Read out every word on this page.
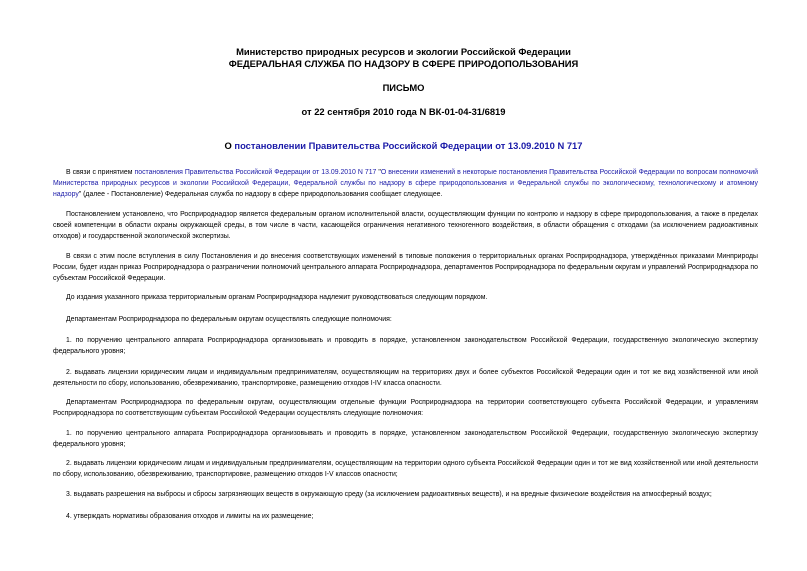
Министерство природных ресурсов и экологии Российской Федерации
ФЕДЕРАЛЬНАЯ СЛУЖБА ПО НАДЗОРУ В СФЕРЕ ПРИРОДОПОЛЬЗОВАНИЯ
ПИСЬМО
от 22 сентября 2010 года N ВК-01-04-31/6819
О постановлении Правительства Российской Федерации от 13.09.2010 N 717

В связи с принятием постановления Правительства Российской Федерации от 13.09.2010 N 717 "О внесении изменений в некоторые постановления Правительства Российской Федерации по вопросам полномочий Министерства природных ресурсов и экологии Российской Федерации, Федеральной службы по надзору в сфере природопользования и Федеральной службы по экологическому, технологическому и атомному надзору" (далее - Постановление) Федеральная служба по надзору в сфере природопользования сообщает следующее.

Постановлением установлено, что Росприроднадзор является федеральным органом исполнительной власти, осуществляющим функции по контролю и надзору в сфере природопользования, а также в пределах своей компетенции в области охраны окружающей среды, в том числе в части, касающейся ограничения негативного техногенного воздействия, в области обращения с отходами (за исключением радиоактивных отходов) и государственной экологической экспертизы.

В связи с этим после вступления в силу Постановления и до внесения соответствующих изменений в типовые положения о территориальных органах Росприроднадзора, утверждённых приказами Минприроды России, будет издан приказ Росприроднадзора о разграничении полномочий центрального аппарата Росприроднадзора, департаментов Росприроднадзора по федеральным округам и управлений Росприроднадзора по субъектам Российской Федерации.

До издания указанного приказа территориальным органам Росприроднадзора надлежит руководствоваться следующим порядком.

Департаментам Росприроднадзора по федеральным округам осуществлять следующие полномочия:

1. по поручению центрального аппарата Росприроднадзора организовывать и проводить в порядке, установленном законодательством Российской Федерации, государственную экологическую экспертизу федерального уровня;

2. выдавать лицензии юридическим лицам и индивидуальным предпринимателям, осуществляющим на территориях двух и более субъектов Российской Федерации один и тот же вид хозяйственной или иной деятельности по сбору, использованию, обезвреживанию, транспортировке, размещению отходов I-IV класса опасности.

Департаментам Росприроднадзора по федеральным округам, осуществляющим отдельные функции Росприроднадзора на территории соответствующего субъекта Российской Федерации, и управлениям Росприроднадзора по соответствующим субъектам Российской Федерации осуществлять следующие полномочия:

1. по поручению центрального аппарата Росприроднадзора организовывать и проводить в порядке, установленном законодательством Российской Федерации, государственную экологическую экспертизу федерального уровня;

2. выдавать лицензии юридическим лицам и индивидуальным предпринимателям, осуществляющим на территории одного субъекта Российской Федерации один и тот же вид хозяйственной или иной деятельности по сбору, использованию, обезвреживанию, транспортировке, размещению отходов I-V классов опасности;

3. выдавать разрешения на выбросы и сбросы загрязняющих веществ в окружающую среду (за исключением радиоактивных веществ), и на вредные физические воздействия на атмосферный воздух;

4. утверждать нормативы образования отходов и лимиты на их размещение;
